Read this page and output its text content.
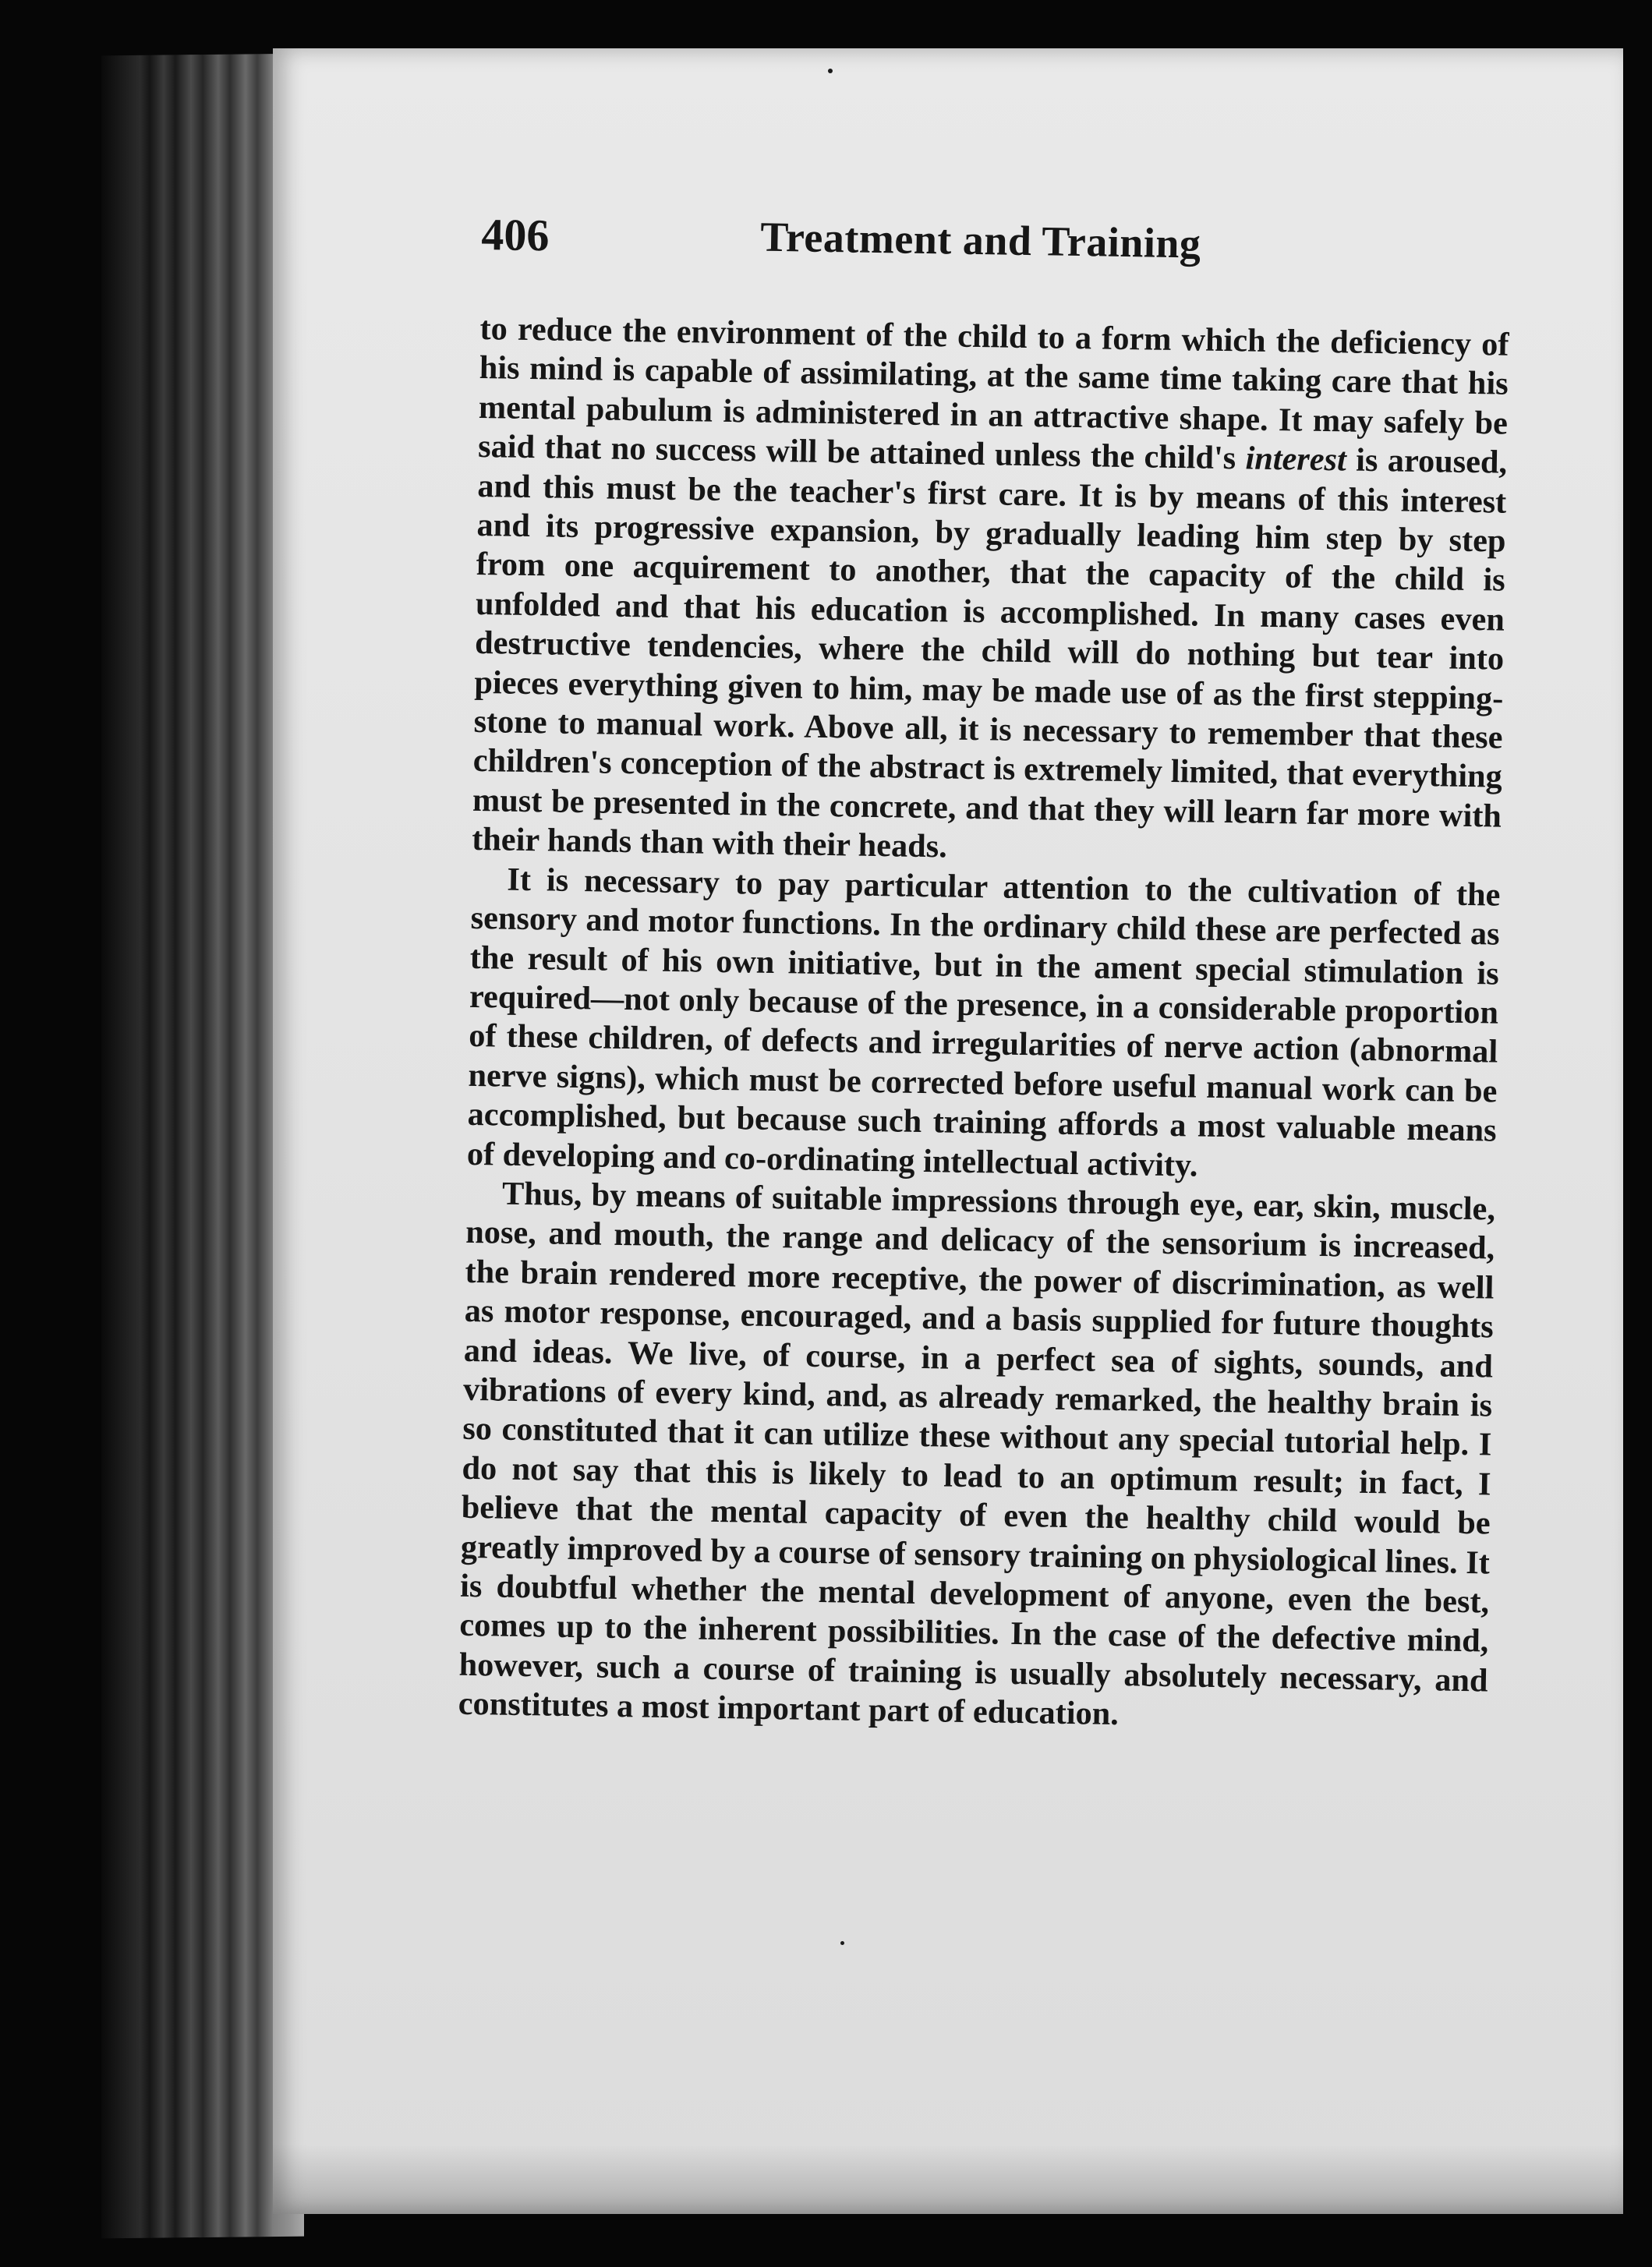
406	Treatment and Training

to reduce the environment of the child to a form which the deficiency of his mind is capable of assimilating, at the same time taking care that his mental pabulum is administered in an attractive shape. It may safely be said that no success will be attained unless the child's interest is aroused, and this must be the teacher's first care. It is by means of this interest and its progressive expansion, by gradually leading him step by step from one acquirement to another, that the capacity of the child is unfolded and that his education is accomplished. In many cases even destructive tendencies, where the child will do nothing but tear into pieces everything given to him, may be made use of as the first stepping-stone to manual work. Above all, it is necessary to remember that these children's conception of the abstract is extremely limited, that everything must be presented in the concrete, and that they will learn far more with their hands than with their heads.

It is necessary to pay particular attention to the cultivation of the sensory and motor functions. In the ordinary child these are perfected as the result of his own initiative, but in the ament special stimulation is required—not only because of the presence, in a considerable proportion of these children, of defects and irregularities of nerve action (abnormal nerve signs), which must be corrected before useful manual work can be accomplished, but because such training affords a most valuable means of developing and co-ordinating intellectual activity.

Thus, by means of suitable impressions through eye, ear, skin, muscle, nose, and mouth, the range and delicacy of the sensorium is increased, the brain rendered more receptive, the power of discrimination, as well as motor response, encouraged, and a basis supplied for future thoughts and ideas. We live, of course, in a perfect sea of sights, sounds, and vibrations of every kind, and, as already remarked, the healthy brain is so constituted that it can utilize these without any special tutorial help. I do not say that this is likely to lead to an optimum result; in fact, I believe that the mental capacity of even the healthy child would be greatly improved by a course of sensory training on physiological lines. It is doubtful whether the mental development of anyone, even the best, comes up to the inherent possibilities. In the case of the defective mind, however, such a course of training is usually absolutely necessary, and constitutes a most important part of education.
